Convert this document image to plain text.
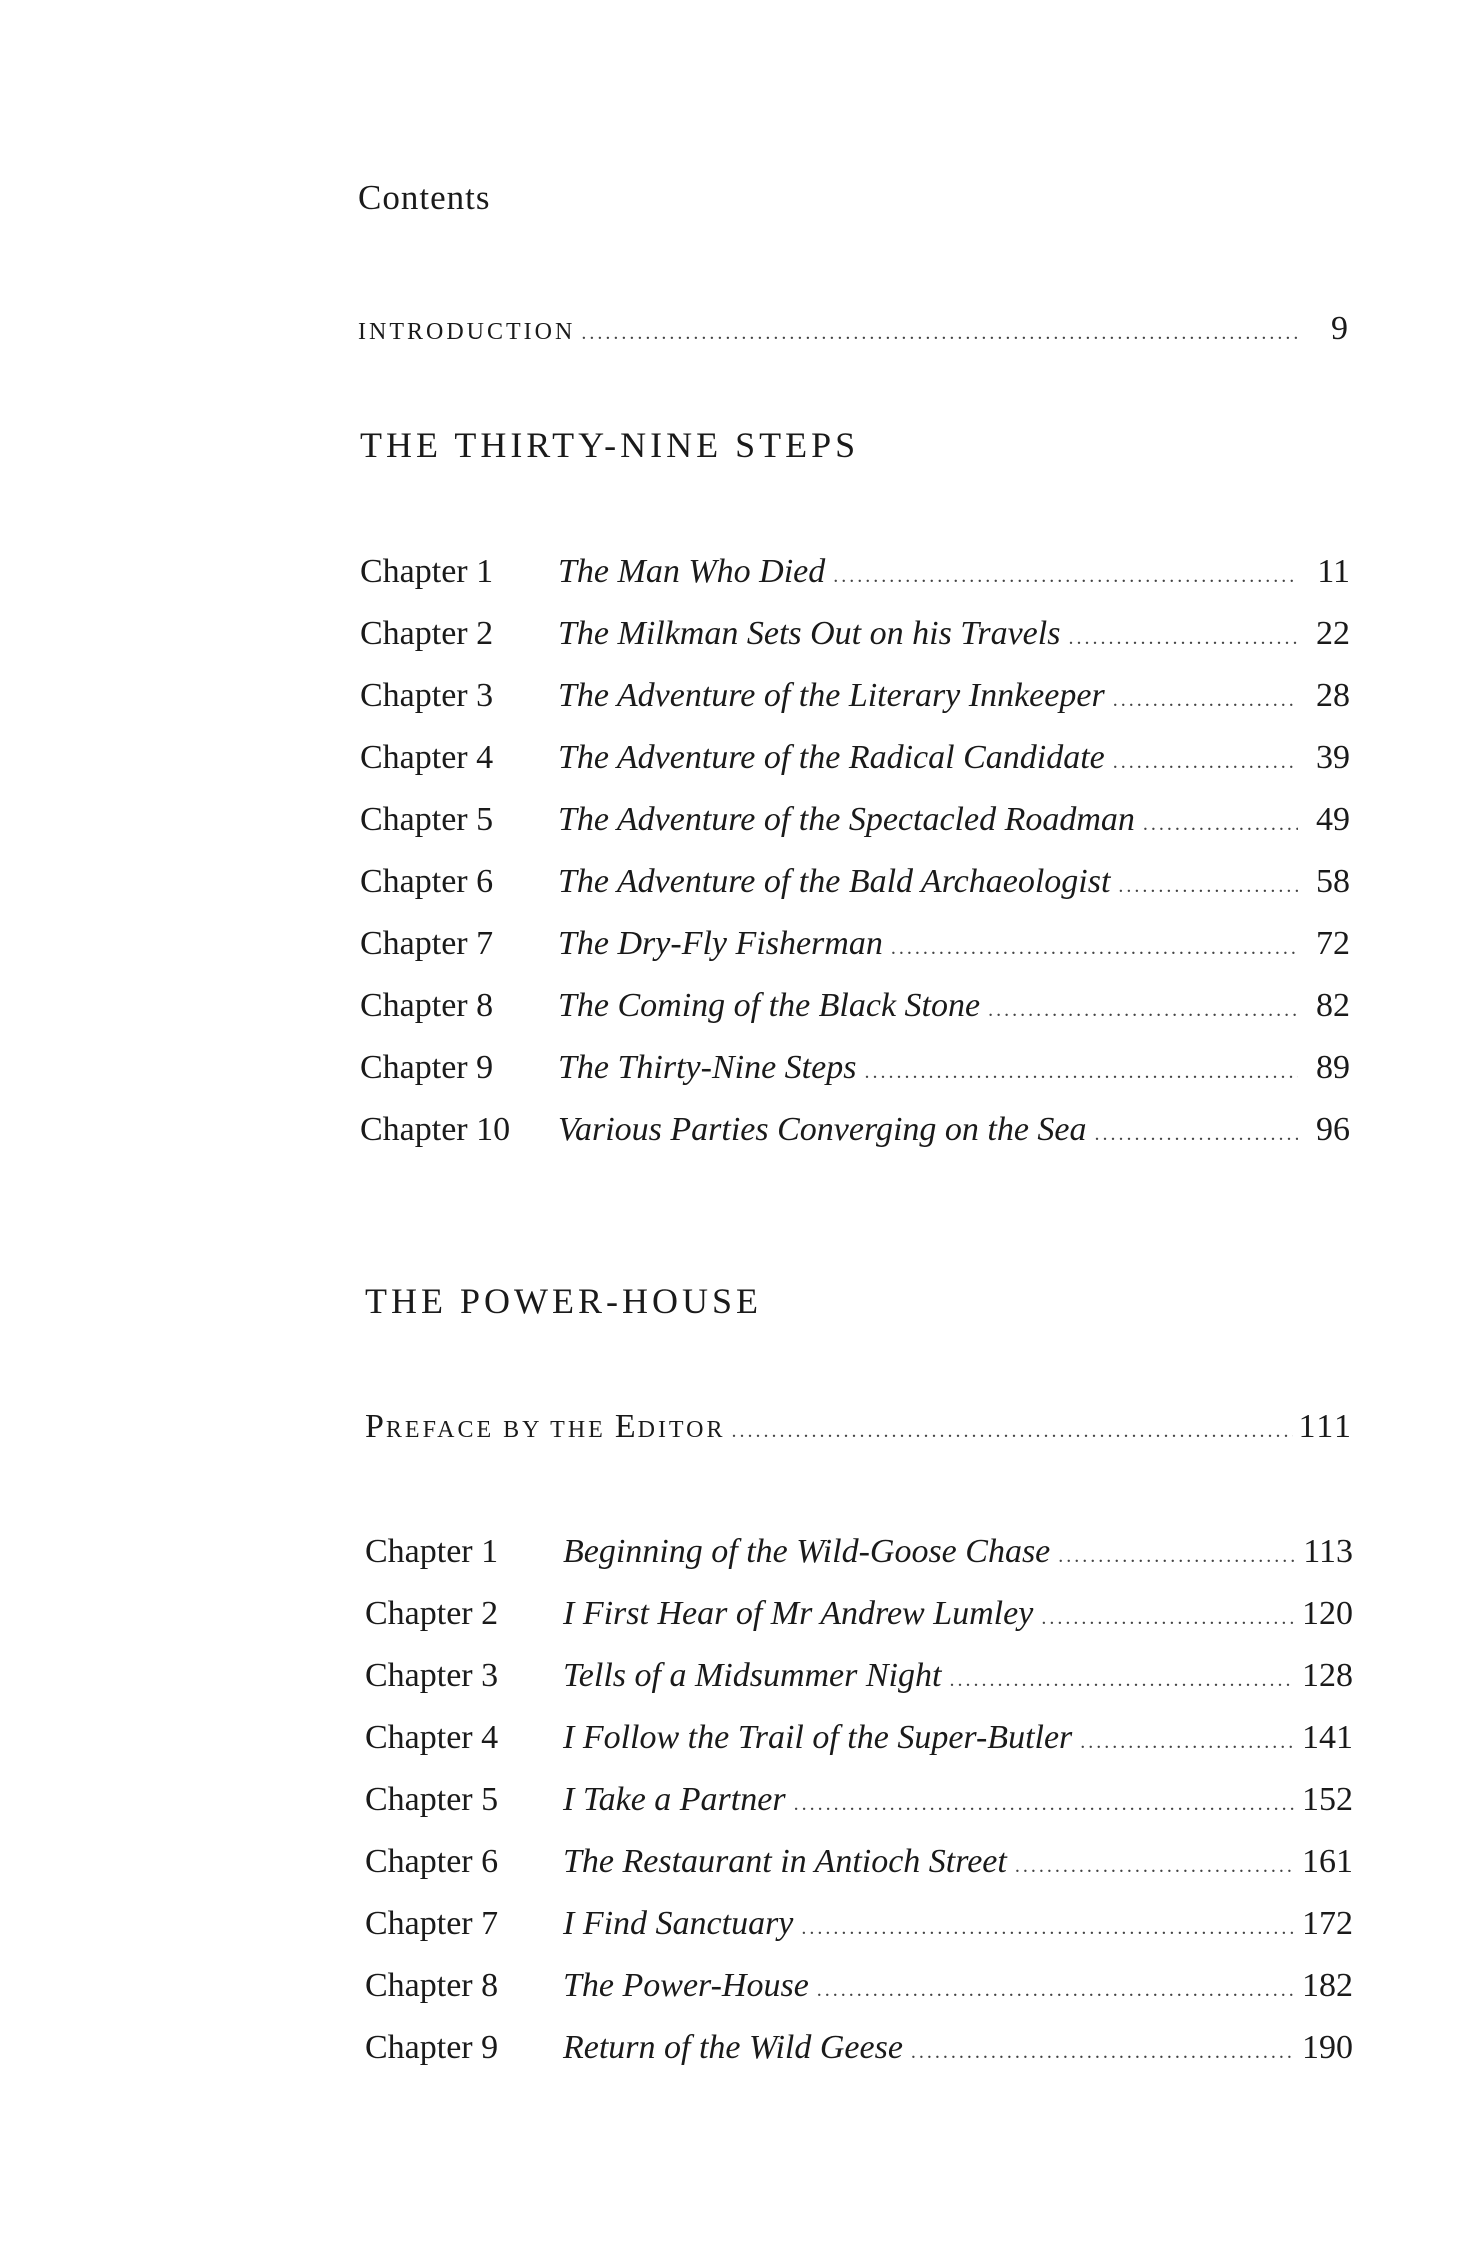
Contents
INTRODUCTION .....	9
THE THIRTY-NINE STEPS
Chapter 1	The Man Who Died .....	11
Chapter 2	The Milkman Sets Out on his Travels .....	22
Chapter 3	The Adventure of the Literary Innkeeper .....	28
Chapter 4	The Adventure of the Radical Candidate .....	39
Chapter 5	The Adventure of the Spectacled Roadman .....	49
Chapter 6	The Adventure of the Bald Archaeologist .....	58
Chapter 7	The Dry-Fly Fisherman .....	72
Chapter 8	The Coming of the Black Stone .....	82
Chapter 9	The Thirty-Nine Steps .....	89
Chapter 10	Various Parties Converging on the Sea .....	96
THE POWER-HOUSE
PREFACE BY THE EDITOR .....	111
Chapter 1	Beginning of the Wild-Goose Chase .....	113
Chapter 2	I First Hear of Mr Andrew Lumley .....	120
Chapter 3	Tells of a Midsummer Night .....	128
Chapter 4	I Follow the Trail of the Super-Butler .....	141
Chapter 5	I Take a Partner .....	152
Chapter 6	The Restaurant in Antioch Street .....	161
Chapter 7	I Find Sanctuary .....	172
Chapter 8	The Power-House .....	182
Chapter 9	Return of the Wild Geese .....	190
